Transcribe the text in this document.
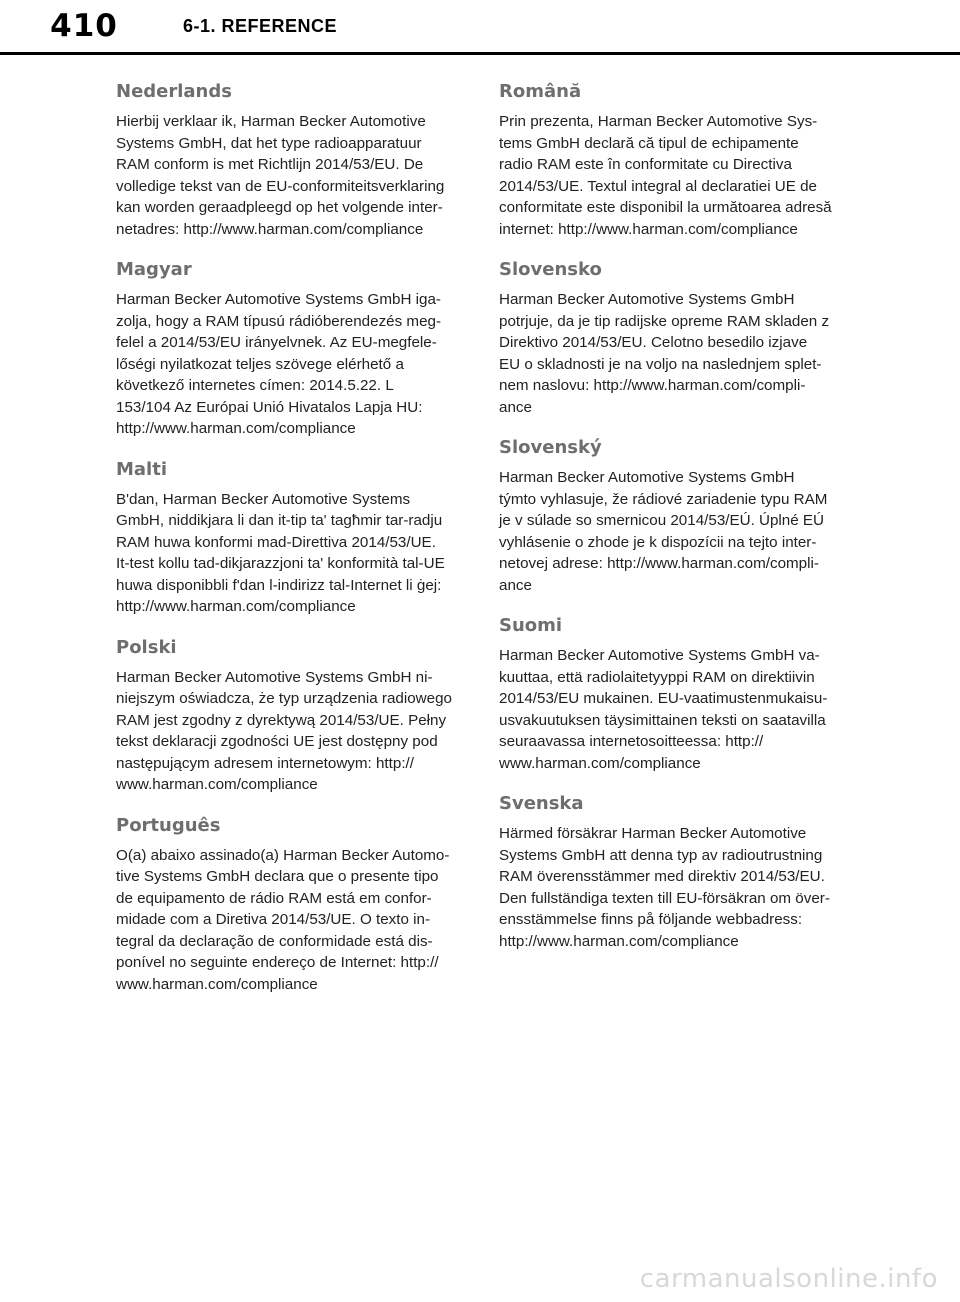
410	6-1. REFERENCE
Nederlands
Hierbij verklaar ik, Harman Becker Automotive
Systems GmbH, dat het type radioapparatuur
RAM conform is met Richtlijn 2014/53/EU. De
volledige tekst van de EU-conformiteitsverklaring
kan worden geraadpleegd op het volgende inter-
netadres: http://www.harman.com/compliance
Magyar
Harman Becker Automotive Systems GmbH iga-
zolja, hogy a RAM típusú rádióberendezés meg-
felel a 2014/53/EU irányelvnek. Az EU-megfele-
lőségi nyilatkozat teljes szövege elérhető a
következő internetes címen: 2014.5.22. L
153/104 Az Európai Unió Hivatalos Lapja HU:
http://www.harman.com/compliance
Malti
B'dan, Harman Becker Automotive Systems
GmbH, niddikjara li dan it-tip ta' tagħmir tar-radju
RAM huwa konformi mad-Direttiva 2014/53/UE.
It-test kollu tad-dikjarazzjoni ta' konformità tal-UE
huwa disponibbli f'dan l-indirizz tal-Internet li ġej:
http://www.harman.com/compliance
Polski
Harman Becker Automotive Systems GmbH ni-
niejszym oświadcza, że typ urządzenia radiowego
RAM jest zgodny z dyrektywą 2014/53/UE. Pełny
tekst deklaracji zgodności UE jest dostępny pod
następującym adresem internetowym: http://
www.harman.com/compliance
Português
O(a) abaixo assinado(a) Harman Becker Automo-
tive Systems GmbH declara que o presente tipo
de equipamento de rádio RAM está em confor-
midade com a Diretiva 2014/53/UE. O texto in-
tegral da declaração de conformidade está dis-
ponível no seguinte endereço de Internet: http://
www.harman.com/compliance
Română
Prin prezenta, Harman Becker Automotive Sys-
tems GmbH declară că tipul de echipamente
radio RAM este în conformitate cu Directiva
2014/53/UE. Textul integral al declaratiei UE de
conformitate este disponibil la următoarea adresă
internet: http://www.harman.com/compliance
Slovensko
Harman Becker Automotive Systems GmbH
potrjuje, da je tip radijske opreme RAM skladen z
Direktivo 2014/53/EU. Celotno besedilo izjave
EU o skladnosti je na voljo na naslednjem splet-
nem naslovu: http://www.harman.com/compli-
ance
Slovenský
Harman Becker Automotive Systems GmbH
týmto vyhlasuje, že rádiové zariadenie typu RAM
je v súlade so smernicou 2014/53/EÚ. Úplné EÚ
vyhlásenie o zhode je k dispozícii na tejto inter-
netovej adrese: http://www.harman.com/compli-
ance
Suomi
Harman Becker Automotive Systems GmbH va-
kuuttaa, että radiolaitetyyppi RAM on direktiivin
2014/53/EU mukainen. EU-vaatimustenmukaisu-
usvakuutuksen täysimittainen teksti on saatavilla
seuraavassa internetosoitteessa: http://
www.harman.com/compliance
Svenska
Härmed försäkrar Harman Becker Automotive
Systems GmbH att denna typ av radioutrustning
RAM överensstämmer med direktiv 2014/53/EU.
Den fullständiga texten till EU-försäkran om över-
ensstämmelse finns på följande webbadress:
http://www.harman.com/compliance
carmanualsonline.info
